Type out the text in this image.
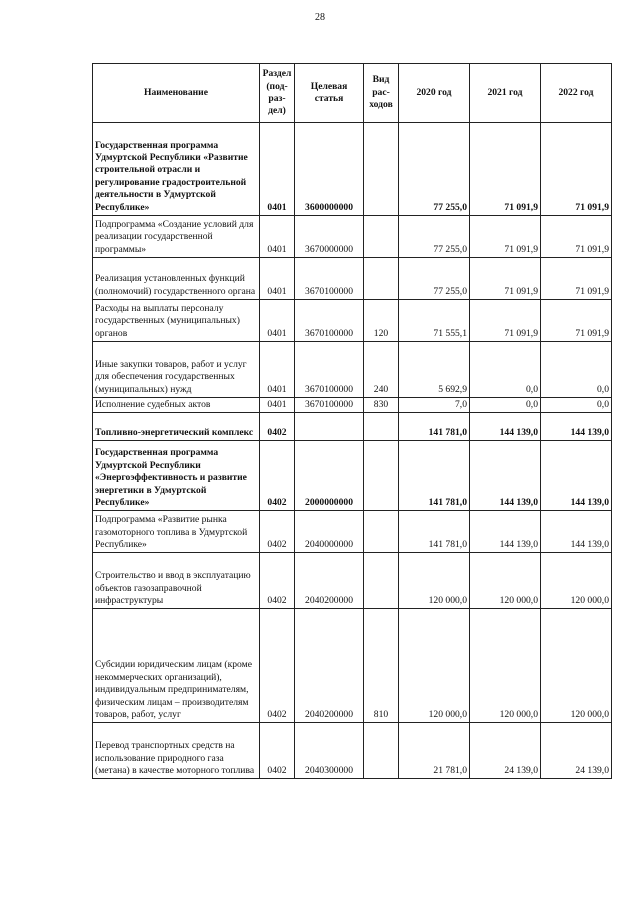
28
Наименование	Раздел (под-раз-дел)	Целевая статья	Вид рас-ходов	2020 год	2021 год	2022 год
Государственная программа Удмуртской Республики «Развитие строительной отрасли и регулирование градостроительной деятельности в Удмуртской Республике»	0401	3600000000		77 255,0	71 091,9	71 091,9
Подпрограмма «Создание условий для реализации государственной программы»	0401	3670000000		77 255,0	71 091,9	71 091,9
Реализация установленных функций (полномочий) государственного органа	0401	3670100000		77 255,0	71 091,9	71 091,9
Расходы на выплаты персоналу государственных (муниципальных) органов	0401	3670100000	120	71 555,1	71 091,9	71 091,9
Иные закупки товаров, работ и услуг для обеспечения государственных (муниципальных) нужд	0401	3670100000	240	5 692,9	0,0	0,0
Исполнение судебных актов	0401	3670100000	830	7,0	0,0	0,0
Топливно-энергетический комплекс	0402			141 781,0	144 139,0	144 139,0
Государственная программа Удмуртской Республики «Энергоэффективность и развитие энергетики в Удмуртской Республике»	0402	2000000000		141 781,0	144 139,0	144 139,0
Подпрограмма «Развитие рынка газомоторного топлива в Удмуртской Республике»	0402	2040000000		141 781,0	144 139,0	144 139,0
Строительство и ввод в эксплуатацию объектов газозаправочной инфраструктуры	0402	2040200000		120 000,0	120 000,0	120 000,0
Субсидии юридическим лицам (кроме некоммерческих организаций), индивидуальным предпринимателям, физическим лицам – производителям товаров, работ, услуг	0402	2040200000	810	120 000,0	120 000,0	120 000,0
Перевод транспортных средств на использование природного газа (метана) в качестве моторного топлива	0402	2040300000		21 781,0	24 139,0	24 139,0
